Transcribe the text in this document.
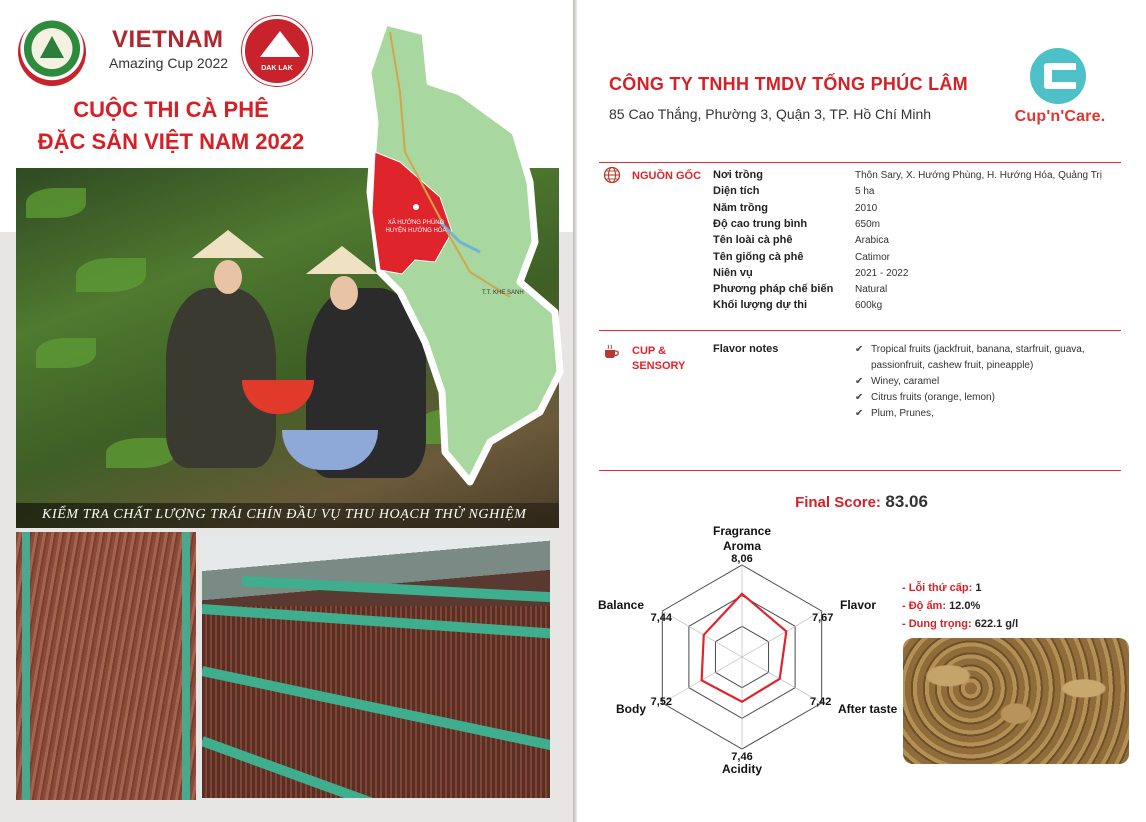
VIETNAM
Amazing Cup 2022	DAK LAK
CUỘC THI CÀ PHÊ
ĐẶC SẢN VIỆT NAM 2022
KIỂM TRA CHẤT LƯỢNG TRÁI CHÍN ĐẦU VỤ THU HOẠCH THỬ NGHIỆM
XÃ HƯỚNG PHÙNG
HUYỆN HƯỚNG HÓA
T.T. KHE SANH
CÔNG TY TNHH TMDV TỐNG PHÚC LÂM
85 Cao Thắng, Phường 3, Quận 3, TP. Hồ Chí Minh	Cup'n'Care.
NGUỒN GỐC Nơi trồng	Thôn Sary, X. Hướng Phùng, H. Hướng Hóa, Quảng Trị
Diện tích	5 ha
Năm trồng	2010
Độ cao trung bình	650m
Tên loài cà phê	Arabica
Tên giống cà phê	Catimor
Niên vụ	2021 - 2022
Phương pháp chế biến Natural
Khối lượng dự thi	600kg
CUP &
SENSORY
Flavor notes	✔ Tropical fruits (jackfruit, banana, starfruit, guava, passionfruit, cashew fruit, pineapple)
✔ Winey, caramel
✔ Citrus fruits (orange, lemon)
✔ Plum, Prunes,
Final Score: 83.06
Fragrance
Aroma
8,06
Flavor
7,67
After taste
7,42
Acidity
7,46
Body 7,52
Balance
7,44
- Lỗi thứ cấp: 1
- Độ ẩm: 12.0%
- Dung trọng: 622.1 g/l
